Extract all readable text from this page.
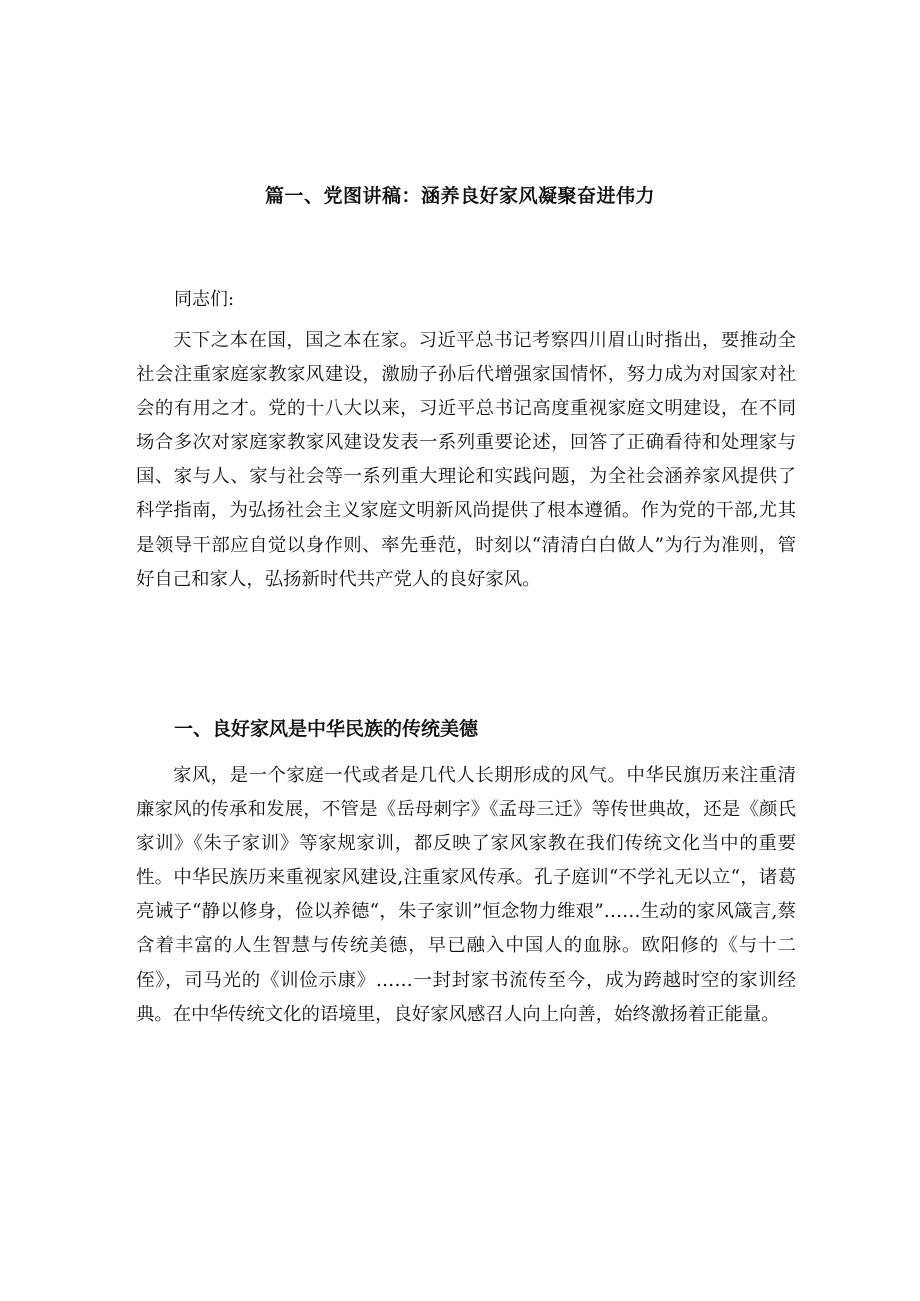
篇一、党图讲稿：涵养良好家风凝聚奋进伟力
同志们:

天下之本在国，国之本在家。习近平总书记考察四川眉山时指出，要推动全社会注重家庭家教家风建设，激励子孙后代增强家国情怀，努力成为对国家对社会的有用之才。党的十八大以来，习近平总书记高度重视家庭文明建设，在不同场合多次对家庭家教家风建设发表一系列重要论述，回答了正确看待和处理家与国、家与人、家与社会等一系列重大理论和实践问题，为全社会涵养家风提供了科学指南，为弘扬社会主义家庭文明新风尚提供了根本遵循。作为党的干部,尤其是领导干部应自觉以身作则、率先垂范，时刻以“清清白白做人”为行为准则，管好自己和家人，弘扬新时代共产党人的良好家风。

一、良好家风是中华民族的传统美德

家风，是一个家庭一代或者是几代人长期形成的风气。中华民旗历来注重清廉家风的传承和发展，不管是《岳母刺字》《孟母三迁》等传世典故，还是《颜氏家训》《朱子家训》等家规家训，都反映了家风家教在我们传统文化当中的重要性。中华民族历来重视家风建设,注重家风传承。孔子庭训“不学礼无以立“，诸葛亮诫子“静以修身，俭以养德“，朱子家训”恒念物力维艰”……生动的家风箴言,蔡含着丰富的人生智慧与传统美德，早已融入中国人的血脉。欧阳修的《与十二侄》，司马光的《训俭示康》……一封封家书流传至今，成为跨越时空的家训经典。在中华传统文化的语境里，良好家风感召人向上向善，始终激扬着正能量。
